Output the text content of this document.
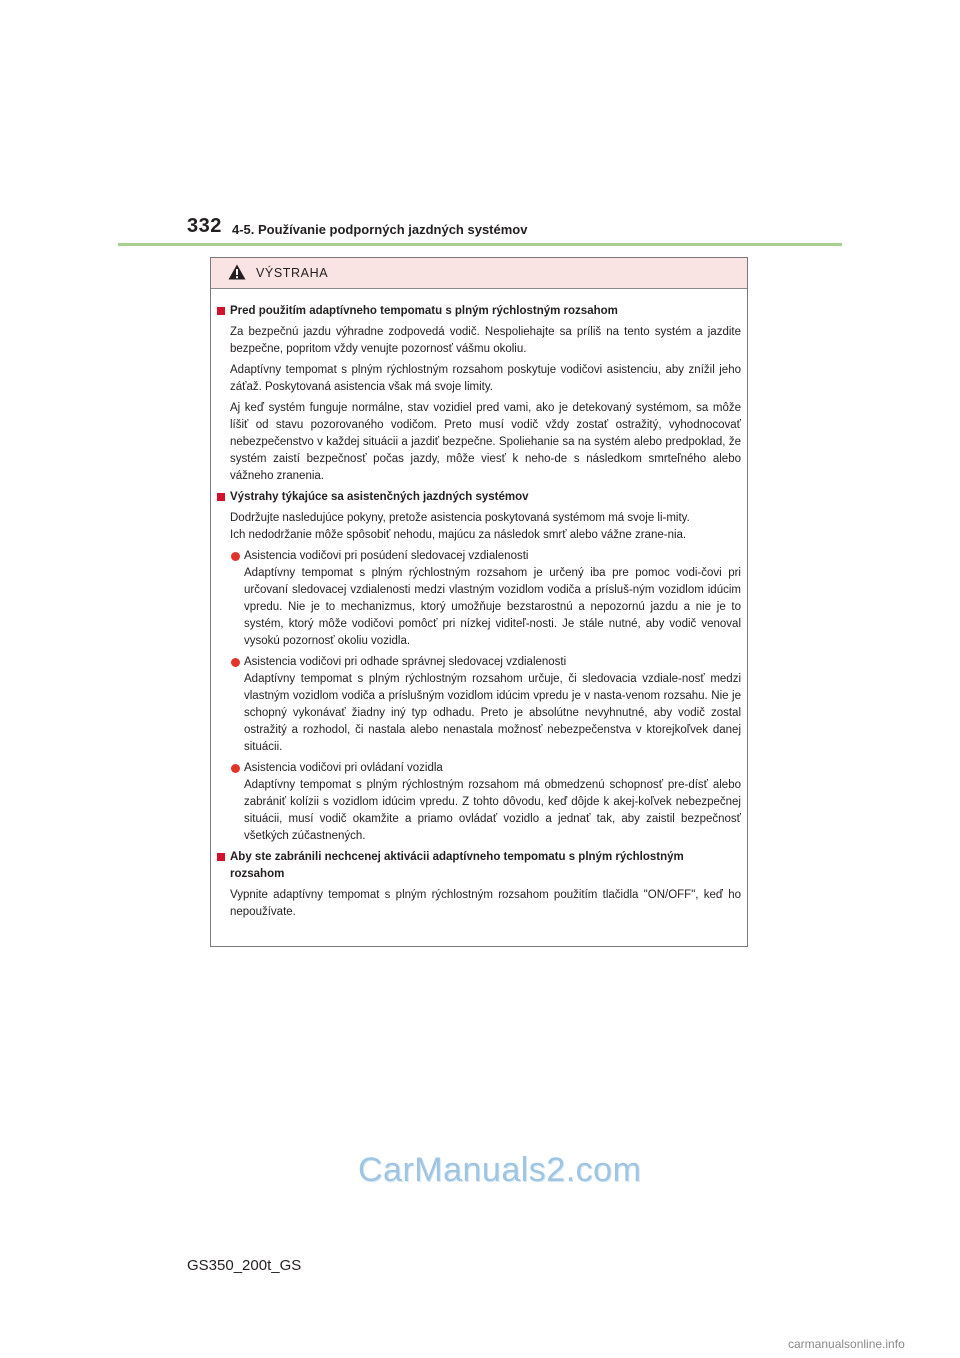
332 4-5. Používanie podporných jazdných systémov
VÝSTRAHA
Pred použitím adaptívneho tempomatu s plným rýchlostným rozsahom
Za bezpečnú jazdu výhradne zodpovedá vodič. Nespoliehajte sa príliš na tento systém a jazdite bezpečne, popritom vždy venujte pozornosť vášmu okoliu.
Adaptívny tempomat s plným rýchlostným rozsahom poskytuje vodičovi asistenciu, aby znížil jeho záťaž. Poskytovaná asistencia však má svoje limity.
Aj keď systém funguje normálne, stav vozidiel pred vami, ako je detekovaný systémom, sa môže líšiť od stavu pozorovaného vodičom. Preto musí vodič vždy zostať ostražitý, vyhodnocovať nebezpečenstvo v každej situácii a jazdiť bezpečne. Spoliehanie sa na systém alebo predpoklad, že systém zaistí bezpečnosť počas jazdy, môže viesť k neho-de s následkom smrteľného alebo vážneho zranenia.
Výstrahy týkajúce sa asistenčných jazdných systémov
Dodržujte nasledujúce pokyny, pretože asistencia poskytovaná systémom má svoje li-mity.
Ich nedodržanie môže spôsobiť nehodu, majúcu za následok smrť alebo vážne zrane-nia.
Asistencia vodičovi pri posúdení sledovacej vzdialenosti
Adaptívny tempomat s plným rýchlostným rozsahom je určený iba pre pomoc vodi-čovi pri určovaní sledovacej vzdialenosti medzi vlastným vozidlom vodiča a prísluš-ným vozidlom idúcim vpredu. Nie je to mechanizmus, ktorý umožňuje bezstarostnú a nepozornú jazdu a nie je to systém, ktorý môže vodičovi pomôcť pri nízkej viditeľ-nosti. Je stále nutné, aby vodič venoval vysokú pozornosť okoliu vozidla.
Asistencia vodičovi pri odhade správnej sledovacej vzdialenosti
Adaptívny tempomat s plným rýchlostným rozsahom určuje, či sledovacia vzdiale-nosť medzi vlastným vozidlom vodiča a príslušným vozidlom idúcim vpredu je v nasta-venom rozsahu. Nie je schopný vykonávať žiadny iný typ odhadu. Preto je absolútne nevyhnutné, aby vodič zostal ostražitý a rozhodol, či nastala alebo nenastala možnosť nebezpečenstva v ktorejkoľvek danej situácii.
Asistencia vodičovi pri ovládaní vozidla
Adaptívny tempomat s plným rýchlostným rozsahom má obmedzenú schopnosť pre-dísť alebo zabrániť kolízii s vozidlom idúcim vpredu. Z tohto dôvodu, keď dôjde k akej-koľvek nebezpečnej situácii, musí vodič okamžite a priamo ovládať vozidlo a jednať tak, aby zaistil bezpečnosť všetkých zúčastnených.
Aby ste zabránili nechcenej aktivácii adaptívneho tempomatu s plným rýchlostným rozsahom
Vypnite adaptívny tempomat s plným rýchlostným rozsahom použitím tlačidla "ON/OFF", keď ho nepoužívate.
CarManuals2.com
GS350_200t_GS
carmanualsonline.info
